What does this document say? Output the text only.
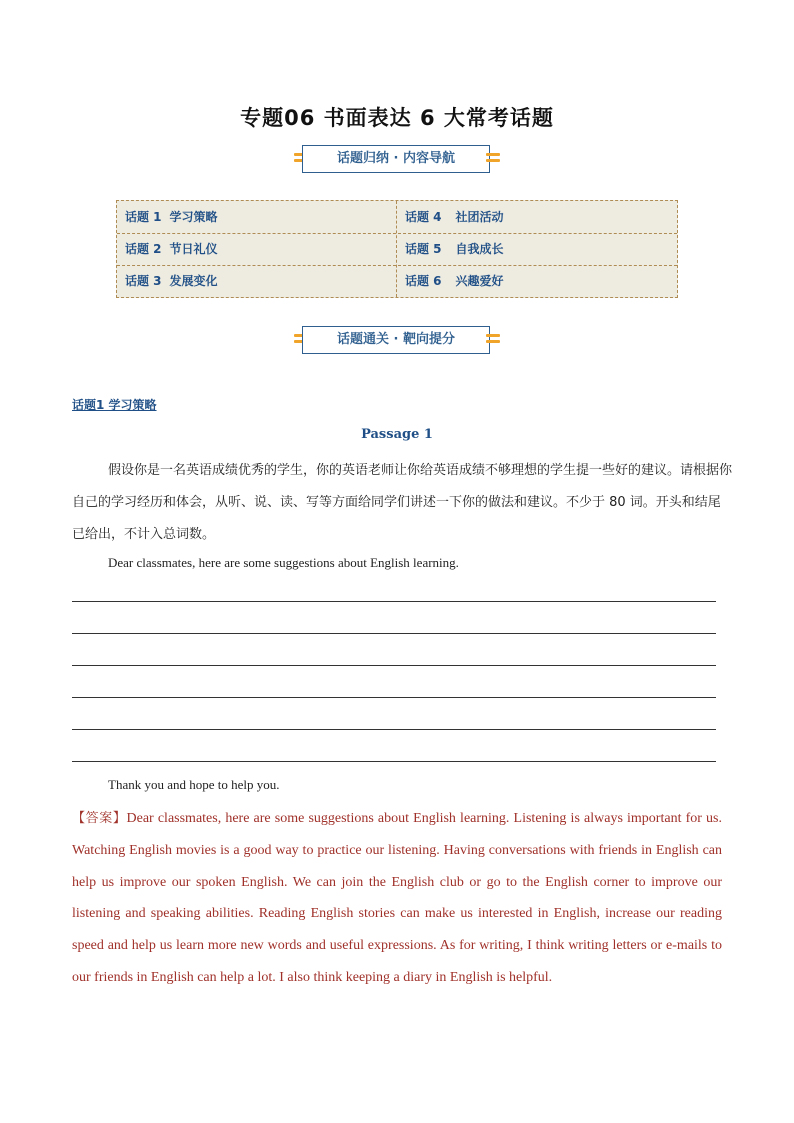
专题06 书面表达 6 大常考话题
话题归纳 · 内容导航
话题 1 学习策略
话题 2 节日礼仪
话题 3 发展变化
话题 4 社团活动
话题 5 自我成长
话题 6 兴趣爱好
话题通关 · 靶向提分
话题1 学习策略
Passage 1
假设你是一名英语成绩优秀的学生，你的英语老师让你给英语成绩不够理想的学生提一些好的建议。请根据你自己的学习经历和体会，从听、说、读、写等方面给同学们讲述一下你的做法和建议。不少于 80 词。开头和结尾已给出，不计入总词数。
Dear classmates, here are some suggestions about English learning.
Thank you and hope to help you.
【答案】Dear classmates, here are some suggestions about English learning. Listening is always important for us. Watching English movies is a good way to practice our listening. Having conversations with friends in English can help us improve our spoken English. We can join the English club or go to the English corner to improve our listening and speaking abilities. Reading English stories can make us interested in English, increase our reading speed and help us learn more new words and useful expressions. As for writing, I think writing letters or e-mails to our friends in English can help a lot. I also think keeping a diary in English is helpful.
